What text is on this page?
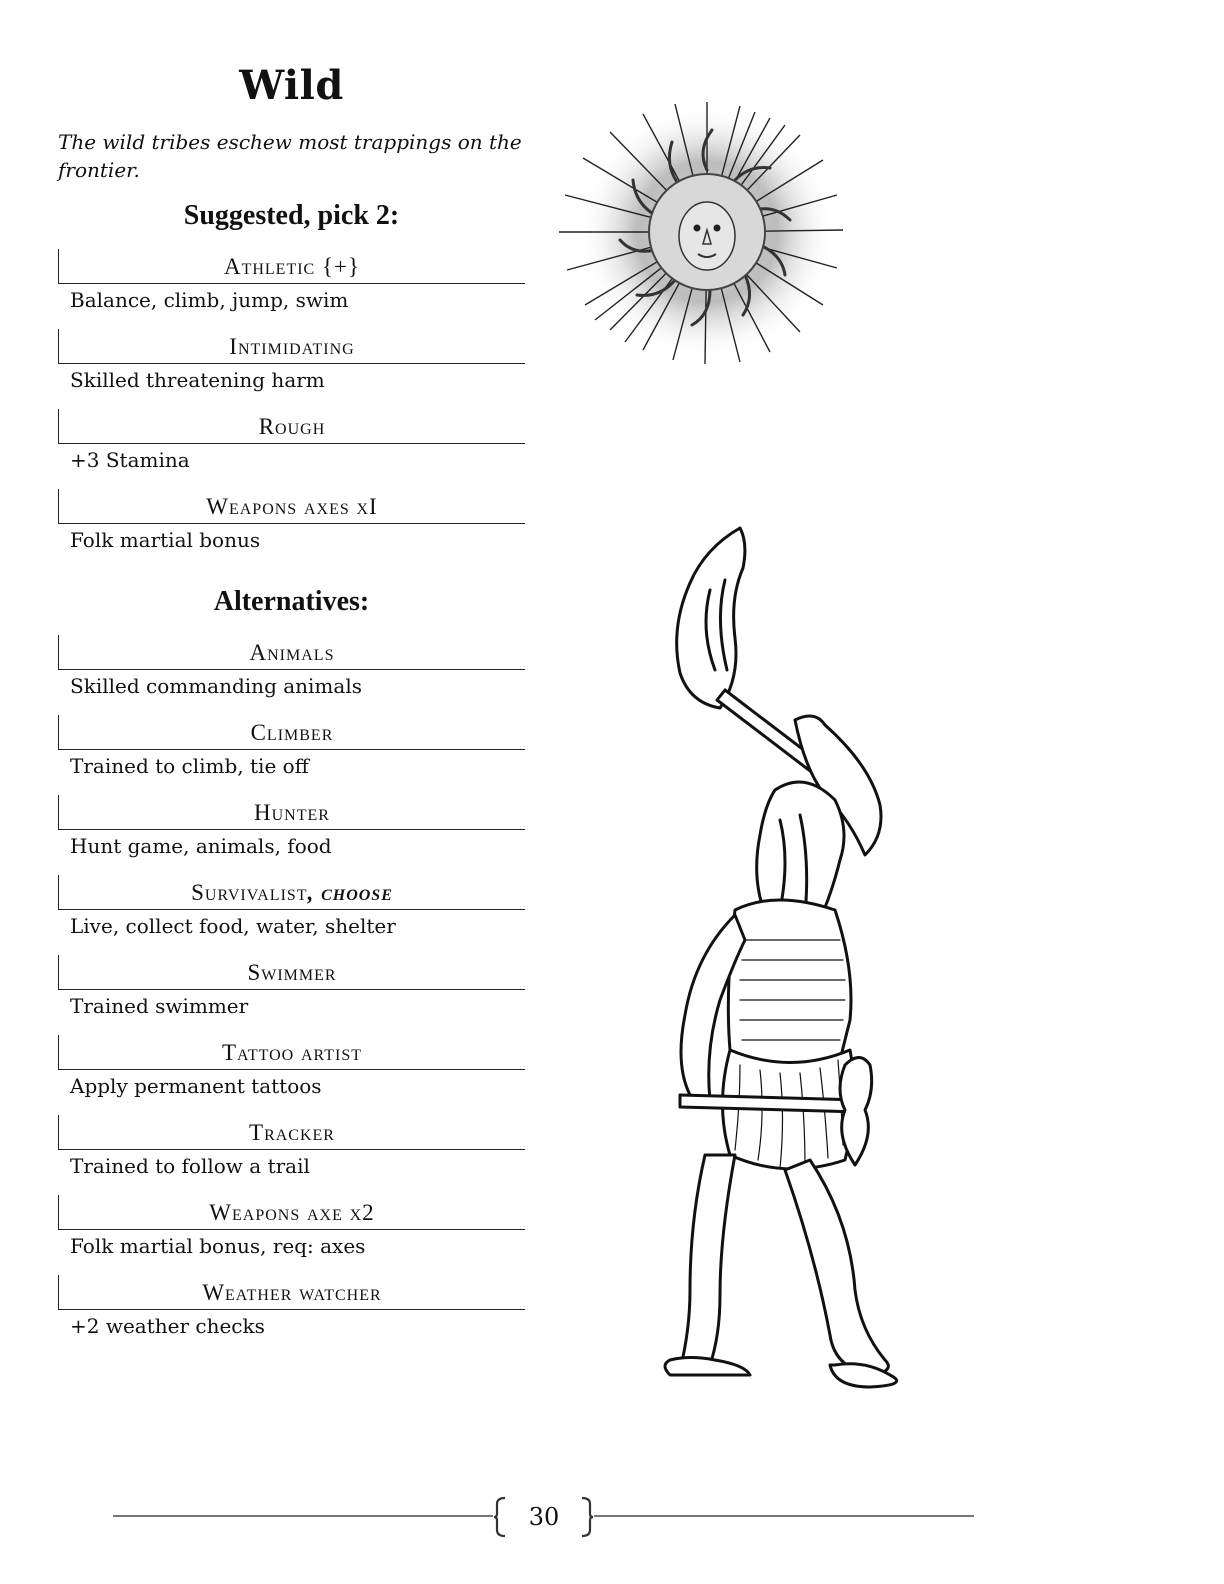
Wild

The wild tribes eschew most trappings on the frontier.

Suggested, pick 2:
Athletic {+}
Balance, climb, jump, swim
Intimidating
Skilled threatening harm
Rough
+3 Stamina
Weapons axes xI
Folk martial bonus
Alternatives:
Animals
Skilled commanding animals
Climber
Trained to climb, tie off
Hunter
Hunt game, animals, food
Survivalist, choose
Live, collect food, water, shelter
Swimmer
Trained swimmer
Tattoo artist
Apply permanent tattoos
Tracker
Trained to follow a trail
Weapons axe x2
Folk martial bonus, req: axes
Weather watcher
+2 weather checks
30
